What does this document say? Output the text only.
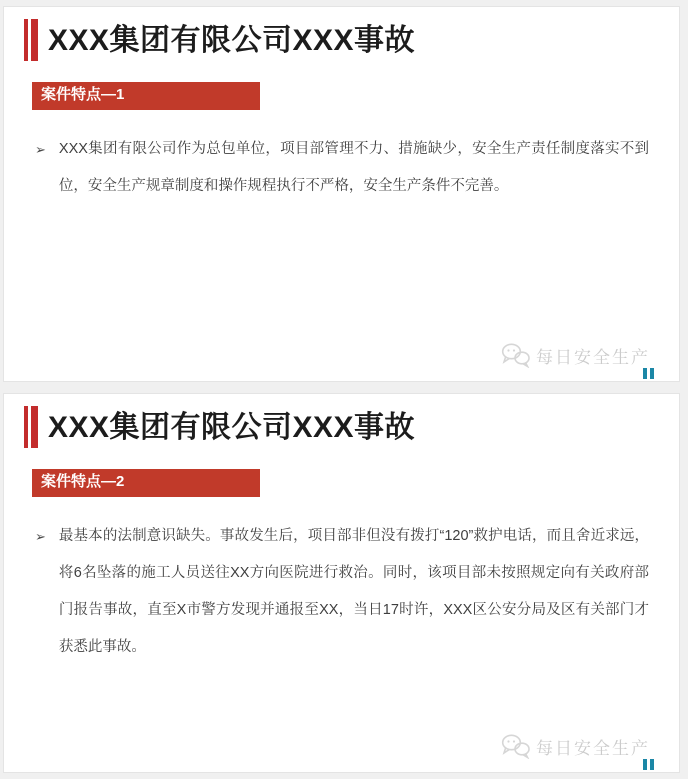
XXX集团有限公司XXX事故
案件特点—1
➢ XXX集团有限公司作为总包单位，项目部管理不力、措施缺少，安全生产责任制度落实不到位，安全生产规章制度和操作规程执行不严格，安全生产条件不完善。

每日安全生产
XXX集团有限公司XXX事故
案件特点—2
➢ 最基本的法制意识缺失。事故发生后，项目部非但没有拨打“120”救护电话，而且舍近求远，将6名坠落的施工人员送往XX方向医院进行救治。同时，该项目部未按照规定向有关政府部门报告事故，直至X市警方发现并通报至XX，当日17时许，XXX区公安分局及区有关部门才获悉此事故。

每日安全生产
